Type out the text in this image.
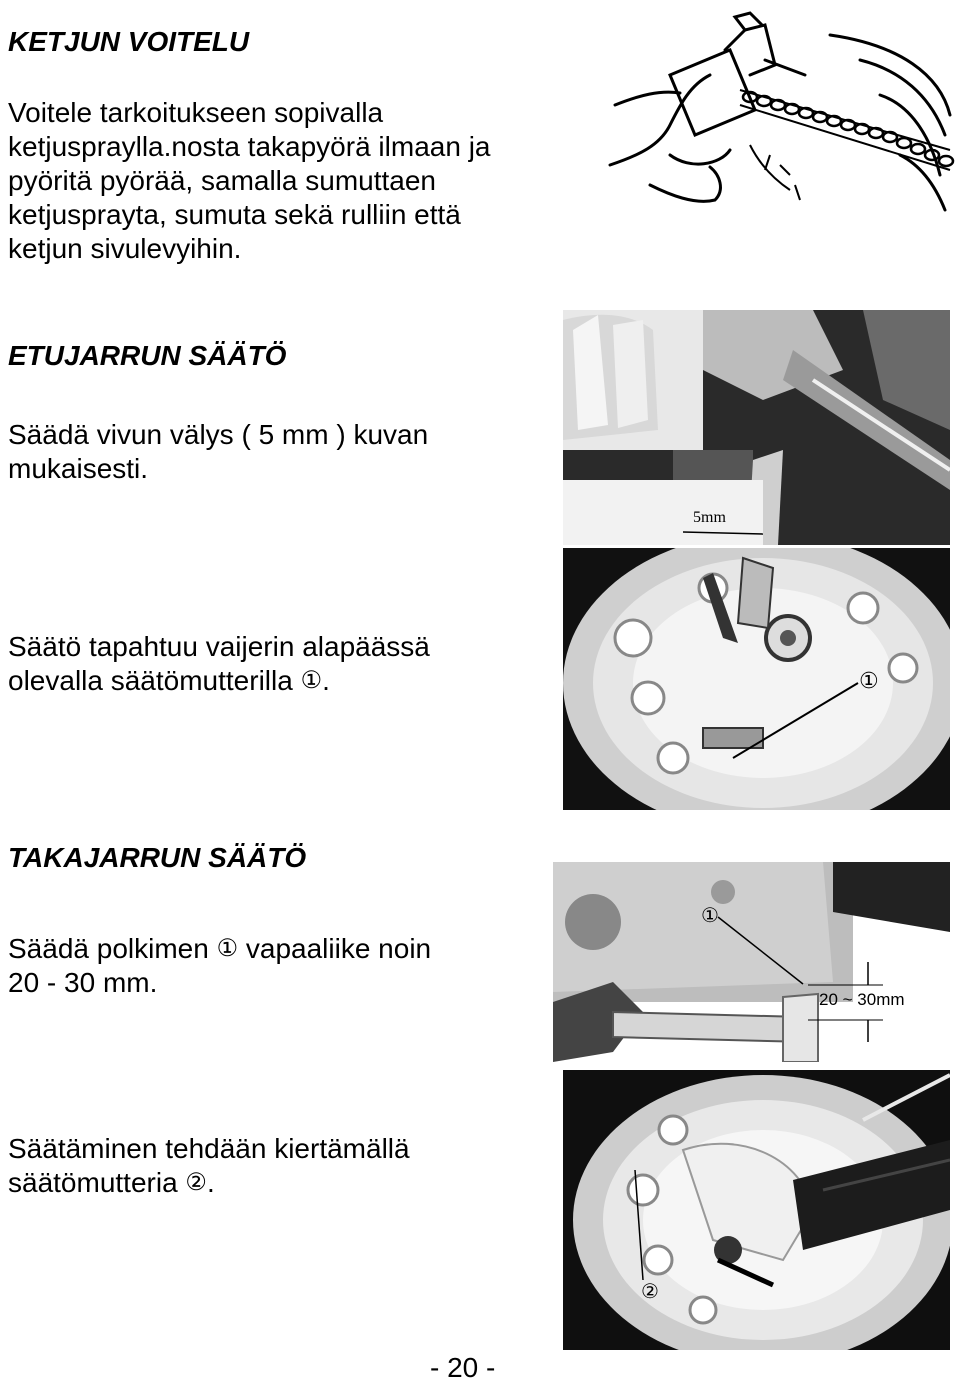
KETJUN VOITELU
Voitele tarkoitukseen sopivalla
ketjusprayllа.nosta takapyörä ilmaan ja
pyöritä pyörää, samalla sumuttaen
ketjusprayta, sumuta sekä rulliin että
ketjun sivulevyihin.
ETUJARRUN SÄÄTÖ
Säädä vivun välys ( 5 mm ) kuvan
mukaisesti.
5mm
Säätö tapahtuu vaijerin alapäässä
olevalla säätömutterilla ①.	①
TAKAJARRUN SÄÄTÖ
Säädä polkimen ① vapaaliike noin
20 - 30 mm.
①
20 ~ 30mm
Säätäminen tehdään kiertämällä
säätömutteria ②.
②
- 20 -
